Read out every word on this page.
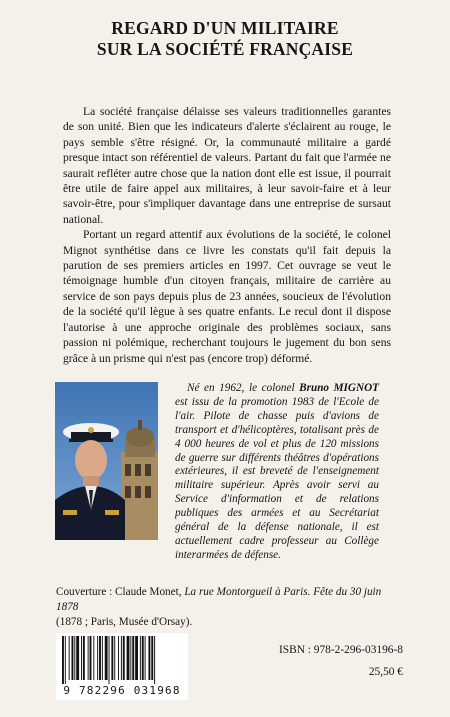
REGARD D'UN MILITAIRE
SUR LA SOCIÉTÉ FRANÇAISE

La société française délaisse ses valeurs traditionnelles garantes de son unité. Bien que les indicateurs d'alerte s'éclairent au rouge, le pays semble s'être résigné. Or, la communauté militaire a gardé presque intact son référentiel de valeurs. Partant du fait que l'armée ne saurait refléter autre chose que la nation dont elle est issue, il pourrait être utile de faire appel aux militaires, à leur savoir-faire et à leur savoir-être, pour s'impliquer davantage dans une entreprise de sursaut national.

Portant un regard attentif aux évolutions de la société, le colonel Mignot synthétise dans ce livre les constats qu'il fait depuis la parution de ses premiers articles en 1997. Cet ouvrage se veut le témoignage humble d'un citoyen français, militaire de carrière au service de son pays depuis plus de 23 années, soucieux de l'évolution de la société qu'il lègue à ses quatre enfants. Le recul dont il dispose l'autorise à une approche originale des problèmes sociaux, sans passion ni polémique, recherchant toujours le jugement du bon sens grâce à un prisme qui n'est pas (encore trop) déformé.

Né en 1962, le colonel Bruno MIGNOT est issu de la promotion 1983 de l'Ecole de l'air. Pilote de chasse puis d'avions de transport et d'hélicoptères, totalisant près de 4 000 heures de vol et plus de 120 missions de guerre sur différents théâtres d'opérations extérieures, il est breveté de l'enseignement militaire supérieur. Après avoir servi au Service d'information et de relations publiques des armées et au Secrétariat général de la défense nationale, il est actuellement cadre professeur au Collège interarmées de défense.

Couverture : Claude Monet, La rue Montorgueil à Paris. Fête du 30 juin 1878
(1878 ; Paris, Musée d'Orsay).
9 782296 031968
ISBN : 978-2-296-03196-8
25,50 €
